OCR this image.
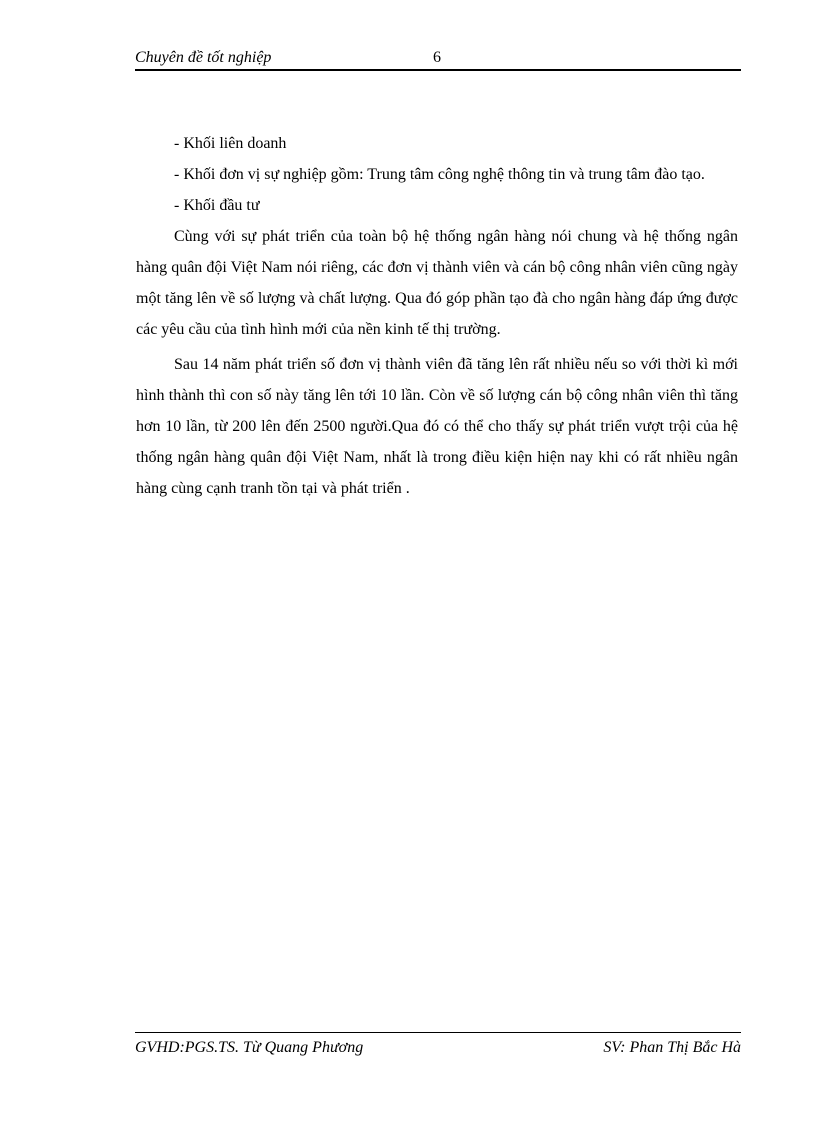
Chuyên đề tốt nghiệp	6

- Khối liên doanh

- Khối đơn vị sự nghiệp gồm: Trung tâm công nghệ thông tin và trung tâm đào tạo.

- Khối đầu tư

Cùng với sự phát triển của toàn bộ hệ thống ngân hàng nói chung và hệ thống ngân hàng quân đội Việt Nam nói riêng, các đơn vị thành viên và cán bộ công nhân viên cũng ngày một tăng lên về số lượng và chất lượng. Qua đó góp phần tạo đà cho ngân hàng đáp ứng được các yêu cầu của tình hình mới của nền kinh tế thị trường.

Sau 14 năm phát triển số đơn vị thành viên đã tăng lên rất nhiều nếu so với thời kì mới hình thành thì con số này tăng lên tới 10 lần. Còn về số lượng cán bộ công nhân viên thì tăng hơn 10 lần, từ 200 lên đến 2500 người.Qua đó có thể cho thấy sự phát triển vượt trội của hệ thống ngân hàng quân đội Việt Nam, nhất là trong điều kiện hiện nay khi có rất nhiều ngân hàng cùng cạnh tranh tồn tại và phát triển .

GVHD:PGS.TS. Từ Quang Phương	SV: Phan Thị Bắc Hà
